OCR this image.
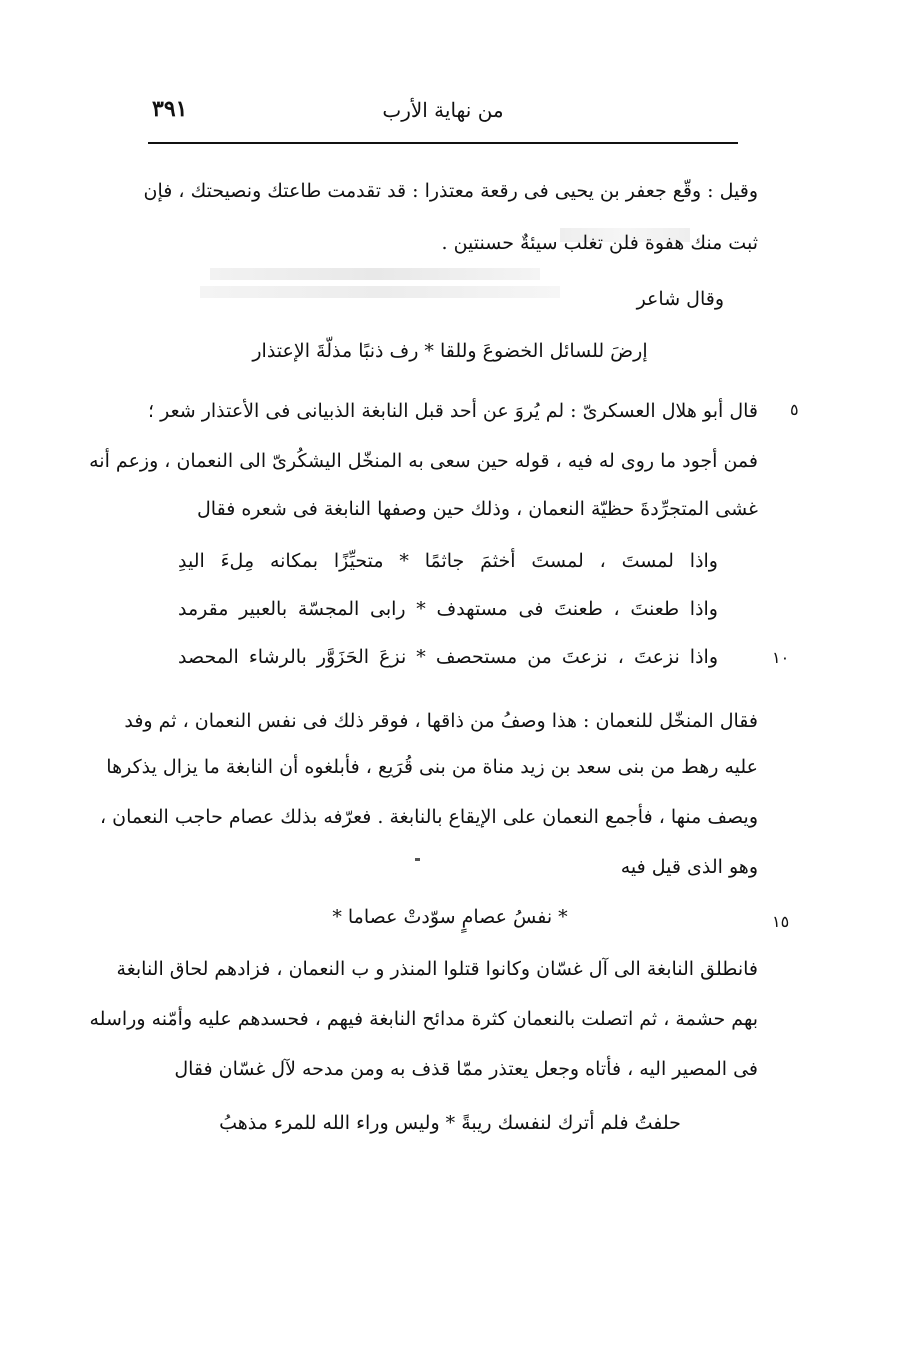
٣٩١	من نهاية الأرب
وقيل : وقّع جعفر بن يحيى فى رقعة معتذرا : قد تقدمت طاعتك ونصيحتك ، فإن
ثبت منك هفوة فلن تغلب سيئةٌ حسنتين .
وقال شاعر
إرضَ للسائل الخضوعَ وللقا * رف ذنبًا مذلّةَ الإعتذار
قال أبو هلال العسكرىّ : لم يُروَ عن أحد قبل النابغة الذبيانى فى الأعتذار شعر ؛ ٥
فمن أجود ما روى له فيه ، قوله حين سعى به المنخّل اليشكُرىّ الى النعمان ، وزعم أنه
غشى المتجرِّدةَ حظيّة النعمان ، وذلك حين وصفها النابغة فى شعره فقال
واذا لمستَ ، لمستَ أخثمَ جاثمًا * متحيِّزًا بمكانه مِلءَ اليدِ
واذا طعنتَ ، طعنتَ فى مستهدف * رابى المجسّة بالعبير مقرمد
واذا نزعتَ ، نزعتَ من مستحصف * نزعَ الحَزَوَّر بالرشاء المحصد	١٠
فقال المنخّل للنعمان : هذا وصفُ من ذاقها ، فوقر ذلك فى نفس النعمان ، ثم وفد
عليه رهط من بنى سعد بن زيد مناة من بنى قُرَيع ، فأبلغوه أن النابغة ما يزال يذكرها
ويصف منها ، فأجمع النعمان على الإيقاع بالنابغة . فعرّفه بذلك عصام حاجب النعمان ،
وهو الذى قيل فيه
* نفسُ عصامٍ سوّدتْ عصاما *	١٥
فانطلق النابغة الى آل غسّان وكانوا قتلوا المنذر و ب النعمان ، فزادهم لحاق النابغة
بهم حشمة ، ثم اتصلت بالنعمان كثرة مدائح النابغة فيهم ، فحسدهم عليه وأمّنه وراسله
فى المصير اليه ، فأتاه وجعل يعتذر ممّا قذف به ومن مدحه لآل غسّان فقال
حلفتُ فلم أترك لنفسك ريبةً * وليس وراء الله للمرء مذهبُ
